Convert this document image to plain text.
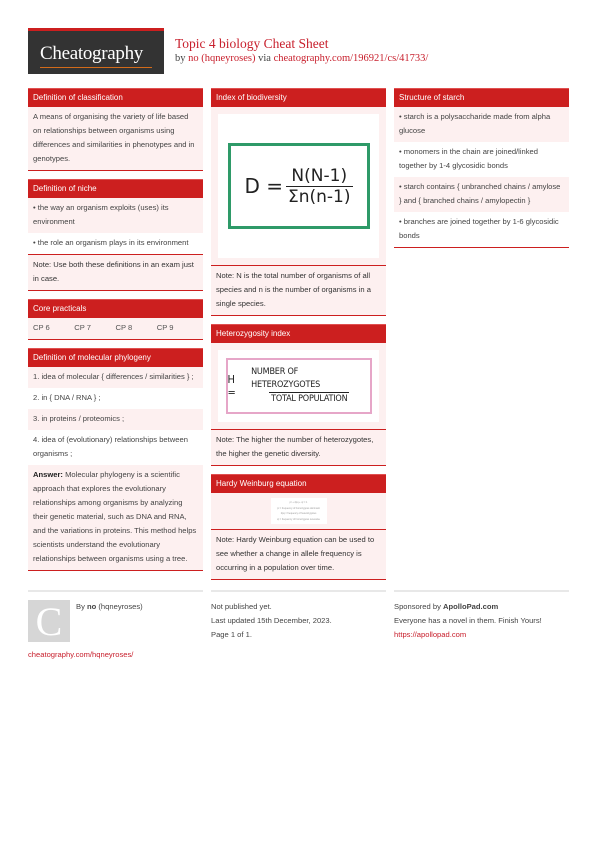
Cheatography Topic 4 biology Cheat Sheet
by no (hqneyroses) via cheatography.com/196921/cs/41733/
Definition of classification
A means of organising the variety of life based on relationships between organisms using differences and similarities in phenotypes and in genotypes.
Definition of niche
• the way an organism exploits (uses) its environment
• the role an organism plays in its environment
Note: Use both these definitions in an exam just in case.
Core practicals
CP 6	CP 7	CP 8	CP 9
Definition of molecular phylogeny
1. idea of molecular { differences / similarities } ;
2. in { DNA / RNA } ;
3. in proteins / proteomics ;
4. idea of (evolutionary) relationships between organisms ;
Answer: Molecular phylogeny is a scientific approach that explores the evolutionary relationships among organisms by analyzing their genetic material, such as DNA and RNA, and the variations in proteins. This method helps scientists understand the evolutionary relationships between organisms using a tree.
Index of biodiversity
$D = \frac{N(N-1)}{\Sigma n(n-1)}$
Note: N is the total number of organisms of all species and n is the number of organisms in a single species.
Heterozygosity index
H =	$\frac{\text{NUMBER OF HETEROZYGOTES}}{\text{TOTAL POPULATION}}$
Note: The higher the number of heterozygotes, the higher the genetic diversity.
Hardy Weinburg equation
p² + 2pq + q² = 1
p² = frequency of homozygous dominant
2pq = frequency of heterozygotes
q² = frequency of homozygous recessive
Note: Hardy Weinburg equation can be used to see whether a change in allele frequency is occurring in a population over time.
Structure of starch
• starch is a polysaccharide made from alpha glucose
• monomers in the chain are joined/linked together by 1-4 glycosidic bonds
• starch contains { unbranched chains / amylose } and { branched chains / amylopectin }
• branches are joined together by 1-6 glycosidic bonds
C	By no (hqneyroses)
cheatography.com/hqneyroses/
Not published yet.
Last updated 15th December, 2023.
Page 1 of 1.
Sponsored by ApolloPad.com
Everyone has a novel in them. Finish Yours!
https://apollopad.com
